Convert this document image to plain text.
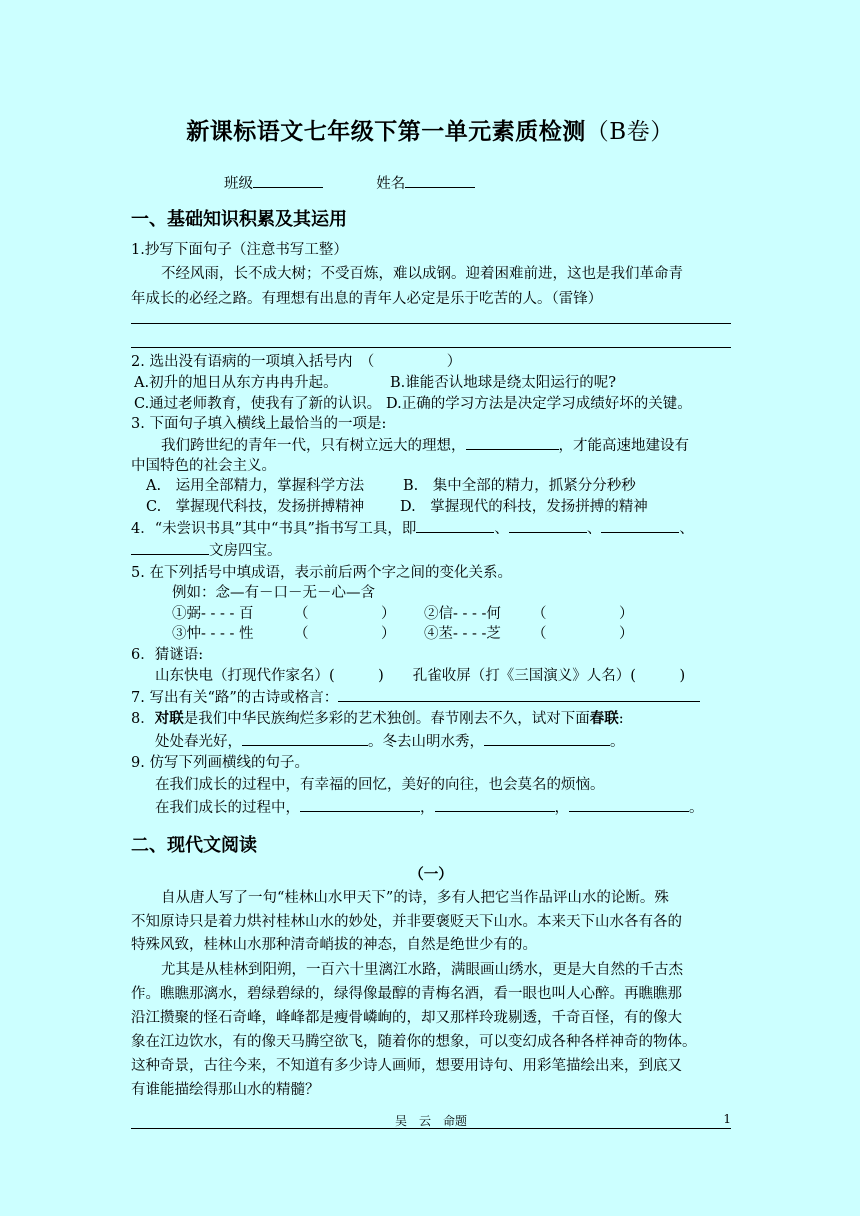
新课标语文七年级下第一单元素质检测（B卷）
班级	姓名
一、基础知识积累及其运用
1.抄写下面句子（注意书写工整）
不经风雨，长不成大树；不受百炼，难以成钢。迎着困难前进，这也是我们革命青
年成长的必经之路。有理想有出息的青年人必定是乐于吃苦的人。（雷锋）
2. 选出没有语病的一项填入括号内　（　　　　　）
A.初升的旭日从东方冉冉升起。	B.谁能否认地球是绕太阳运行的呢?
C.通过老师教育，使我有了新的认识。 D.正确的学习方法是决定学习成绩好坏的关键。
3. 下面句子填入横线上最恰当的一项是:
我们跨世纪的青年一代，只有树立远大的理想，	，才能高速地建设有
中国特色的社会主义。
A.　运用全部精力，掌握科学方法	B.　集中全部的精力，抓紧分分秒秒
C.　掌握现代科技，发扬拼搏精神	D.　掌握现代的科技，发扬拼搏的精神
4．“未尝识书具”其中“书具”指书写工具，即	、	、	、
文房四宝。
5. 在下列括号中填成语，表示前后两个字之间的变化关系。
例如：念—有－口－无－心—含
①弼- - - - 百	（　　　　　）	②信- - - -何	（　　　　　）
③忡- - - - 性	（　　　　　）	④苤- - - -芝	（　　　　　）
6．猜谜语:
山东快电（打现代作家名）(　　　)　　孔雀收屏（打《三国演义》人名）(　　　)
7. 写出有关“路”的古诗或格言：
8．对联是我们中华民族绚烂多彩的艺术独创。春节刚去不久，试对下面春联:
处处春光好，	。冬去山明水秀，	。
9. 仿写下列画横线的句子。
在我们成长的过程中，有幸福的回忆，美好的向往，也会莫名的烦恼。
在我们成长的过程中，	，	，	。
二、现代文阅读
（一）
自从唐人写了一句“桂林山水甲天下”的诗，多有人把它当作品评山水的论断。殊
不知原诗只是着力烘衬桂林山水的妙处，并非要褒贬天下山水。本来天下山水各有各的
特殊风致，桂林山水那种清奇峭拔的神态，自然是绝世少有的。
尤其是从桂林到阳朔，一百六十里漓江水路，满眼画山绣水，更是大自然的千古杰
作。瞧瞧那漓水，碧绿碧绿的，绿得像最醇的青梅名酒，看一眼也叫人心醉。再瞧瞧那
沿江攒聚的怪石奇峰，峰峰都是瘦骨嶙峋的，却又那样玲珑剔透，千奇百怪，有的像大
象在江边饮水，有的像天马腾空欲飞，随着你的想象，可以变幻成各种各样神奇的物体。
这种奇景，古往今来，不知道有多少诗人画师，想要用诗句、用彩笔描绘出来，到底又
有谁能描绘得那山水的精髓？
吴　云　命题	1
